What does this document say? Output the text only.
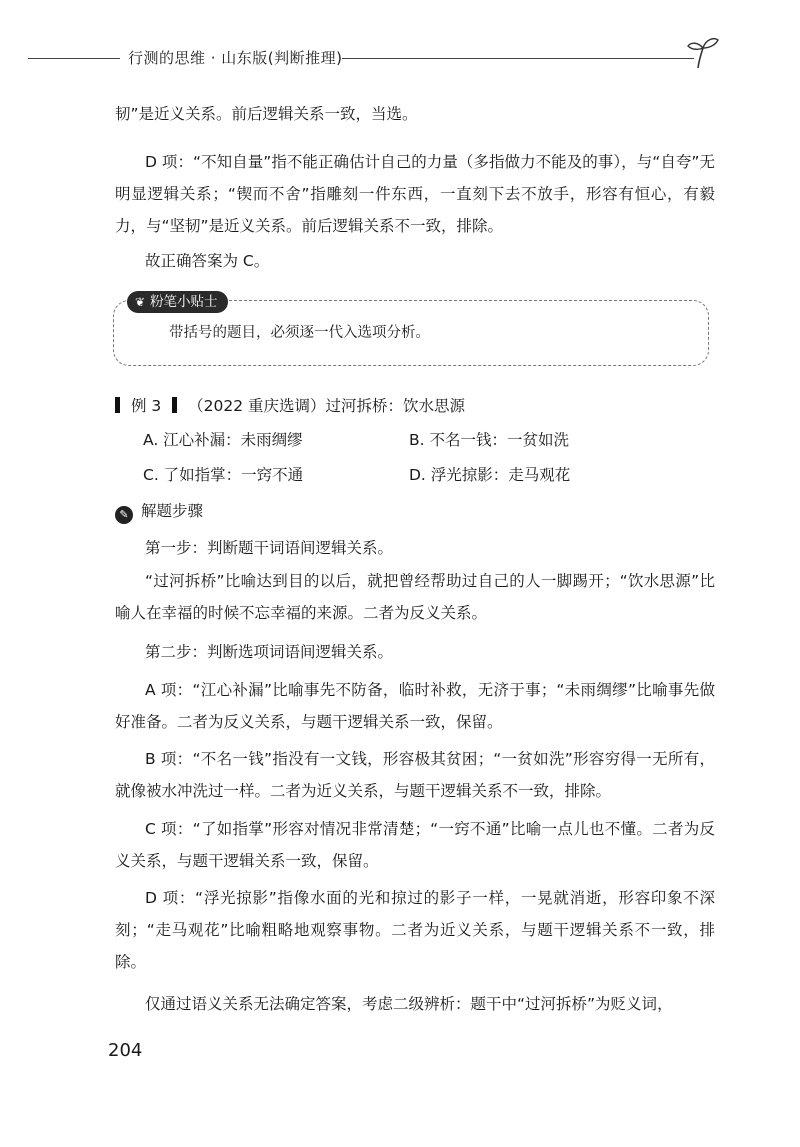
行测的思维 · 山东版(判断推理)

韧”是近义关系。前后逻辑关系一致，当选。

D 项：“不知自量”指不能正确估计自己的力量（多指做力不能及的事），与“自夸”无明显逻辑关系；“锲而不舍”指雕刻一件东西，一直刻下去不放手，形容有恒心，有毅力，与“坚韧”是近义关系。前后逻辑关系不一致，排除。

故正确答案为 C。

❦ 粉笔小贴士
带括号的题目，必须逐一代入选项分析。
例 3 （2022 重庆选调）过河拆桥：饮水思源
A. 江心补漏：未雨绸缪	B. 不名一钱：一贫如洗
C. 了如指掌：一窍不通	D. 浮光掠影：走马观花
✎ 解题步骤

第一步：判断题干词语间逻辑关系。

“过河拆桥”比喻达到目的以后，就把曾经帮助过自己的人一脚踢开；“饮水思源”比喻人在幸福的时候不忘幸福的来源。二者为反义关系。

第二步：判断选项词语间逻辑关系。

A 项：“江心补漏”比喻事先不防备，临时补救，无济于事；“未雨绸缪”比喻事先做好准备。二者为反义关系，与题干逻辑关系一致，保留。

B 项：“不名一钱”指没有一文钱，形容极其贫困；“一贫如洗”形容穷得一无所有，就像被水冲洗过一样。二者为近义关系，与题干逻辑关系不一致，排除。

C 项：“了如指掌”形容对情况非常清楚；“一窍不通”比喻一点儿也不懂。二者为反义关系，与题干逻辑关系一致，保留。

D 项：“浮光掠影”指像水面的光和掠过的影子一样，一晃就消逝，形容印象不深刻；“走马观花”比喻粗略地观察事物。二者为近义关系，与题干逻辑关系不一致，排除。

仅通过语义关系无法确定答案，考虑二级辨析：题干中“过河拆桥”为贬义词，

204
